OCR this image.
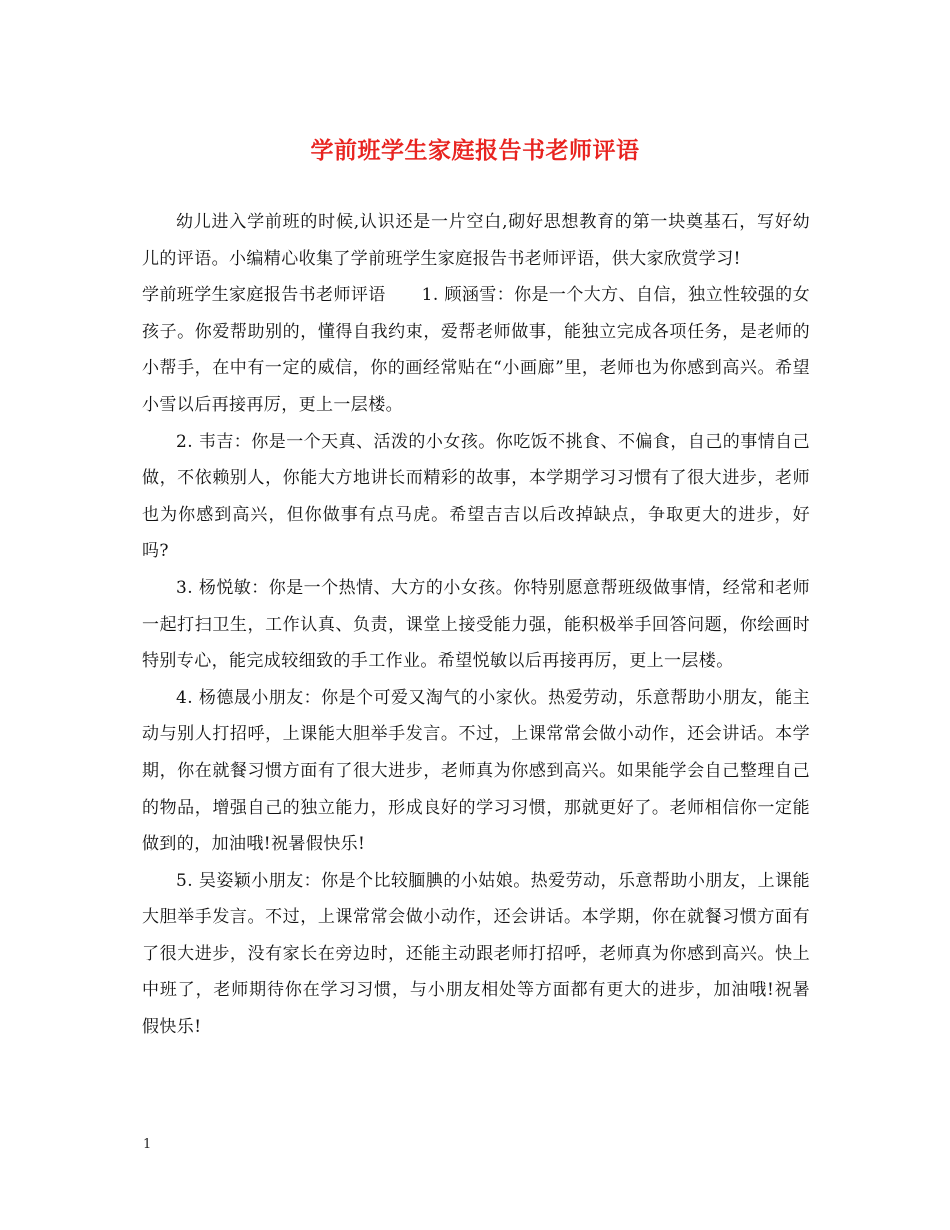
学前班学生家庭报告书老师评语

幼儿进入学前班的时候,认识还是一片空白,砌好思想教育的第一块奠基石，写好幼儿的评语。小编精心收集了学前班学生家庭报告书老师评语，供大家欣赏学习!

学前班学生家庭报告书老师评语 1. 顾涵雪：你是一个大方、自信，独立性较强的女孩子。你爱帮助别的，懂得自我约束，爱帮老师做事，能独立完成各项任务，是老师的小帮手，在中有一定的威信，你的画经常贴在“小画廊”里，老师也为你感到高兴。希望小雪以后再接再厉，更上一层楼。

2. 韦吉：你是一个天真、活泼的小女孩。你吃饭不挑食、不偏食，自己的事情自己做，不依赖别人，你能大方地讲长而精彩的故事，本学期学习习惯有了很大进步，老师也为你感到高兴，但你做事有点马虎。希望吉吉以后改掉缺点，争取更大的进步，好吗?

3. 杨悦敏：你是一个热情、大方的小女孩。你特别愿意帮班级做事情，经常和老师一起打扫卫生，工作认真、负责，课堂上接受能力强，能积极举手回答问题，你绘画时特别专心，能完成较细致的手工作业。希望悦敏以后再接再厉，更上一层楼。

4. 杨德晟小朋友：你是个可爱又淘气的小家伙。热爱劳动，乐意帮助小朋友，能主动与别人打招呼，上课能大胆举手发言。不过，上课常常会做小动作，还会讲话。本学期，你在就餐习惯方面有了很大进步，老师真为你感到高兴。如果能学会自己整理自己的物品，增强自己的独立能力，形成良好的学习习惯，那就更好了。老师相信你一定能做到的，加油哦!祝暑假快乐!

5. 吴姿颖小朋友：你是个比较腼腆的小姑娘。热爱劳动，乐意帮助小朋友，上课能大胆举手发言。不过，上课常常会做小动作，还会讲话。本学期，你在就餐习惯方面有了很大进步，没有家长在旁边时，还能主动跟老师打招呼，老师真为你感到高兴。快上中班了，老师期待你在学习习惯，与小朋友相处等方面都有更大的进步，加油哦!祝暑假快乐!

1
